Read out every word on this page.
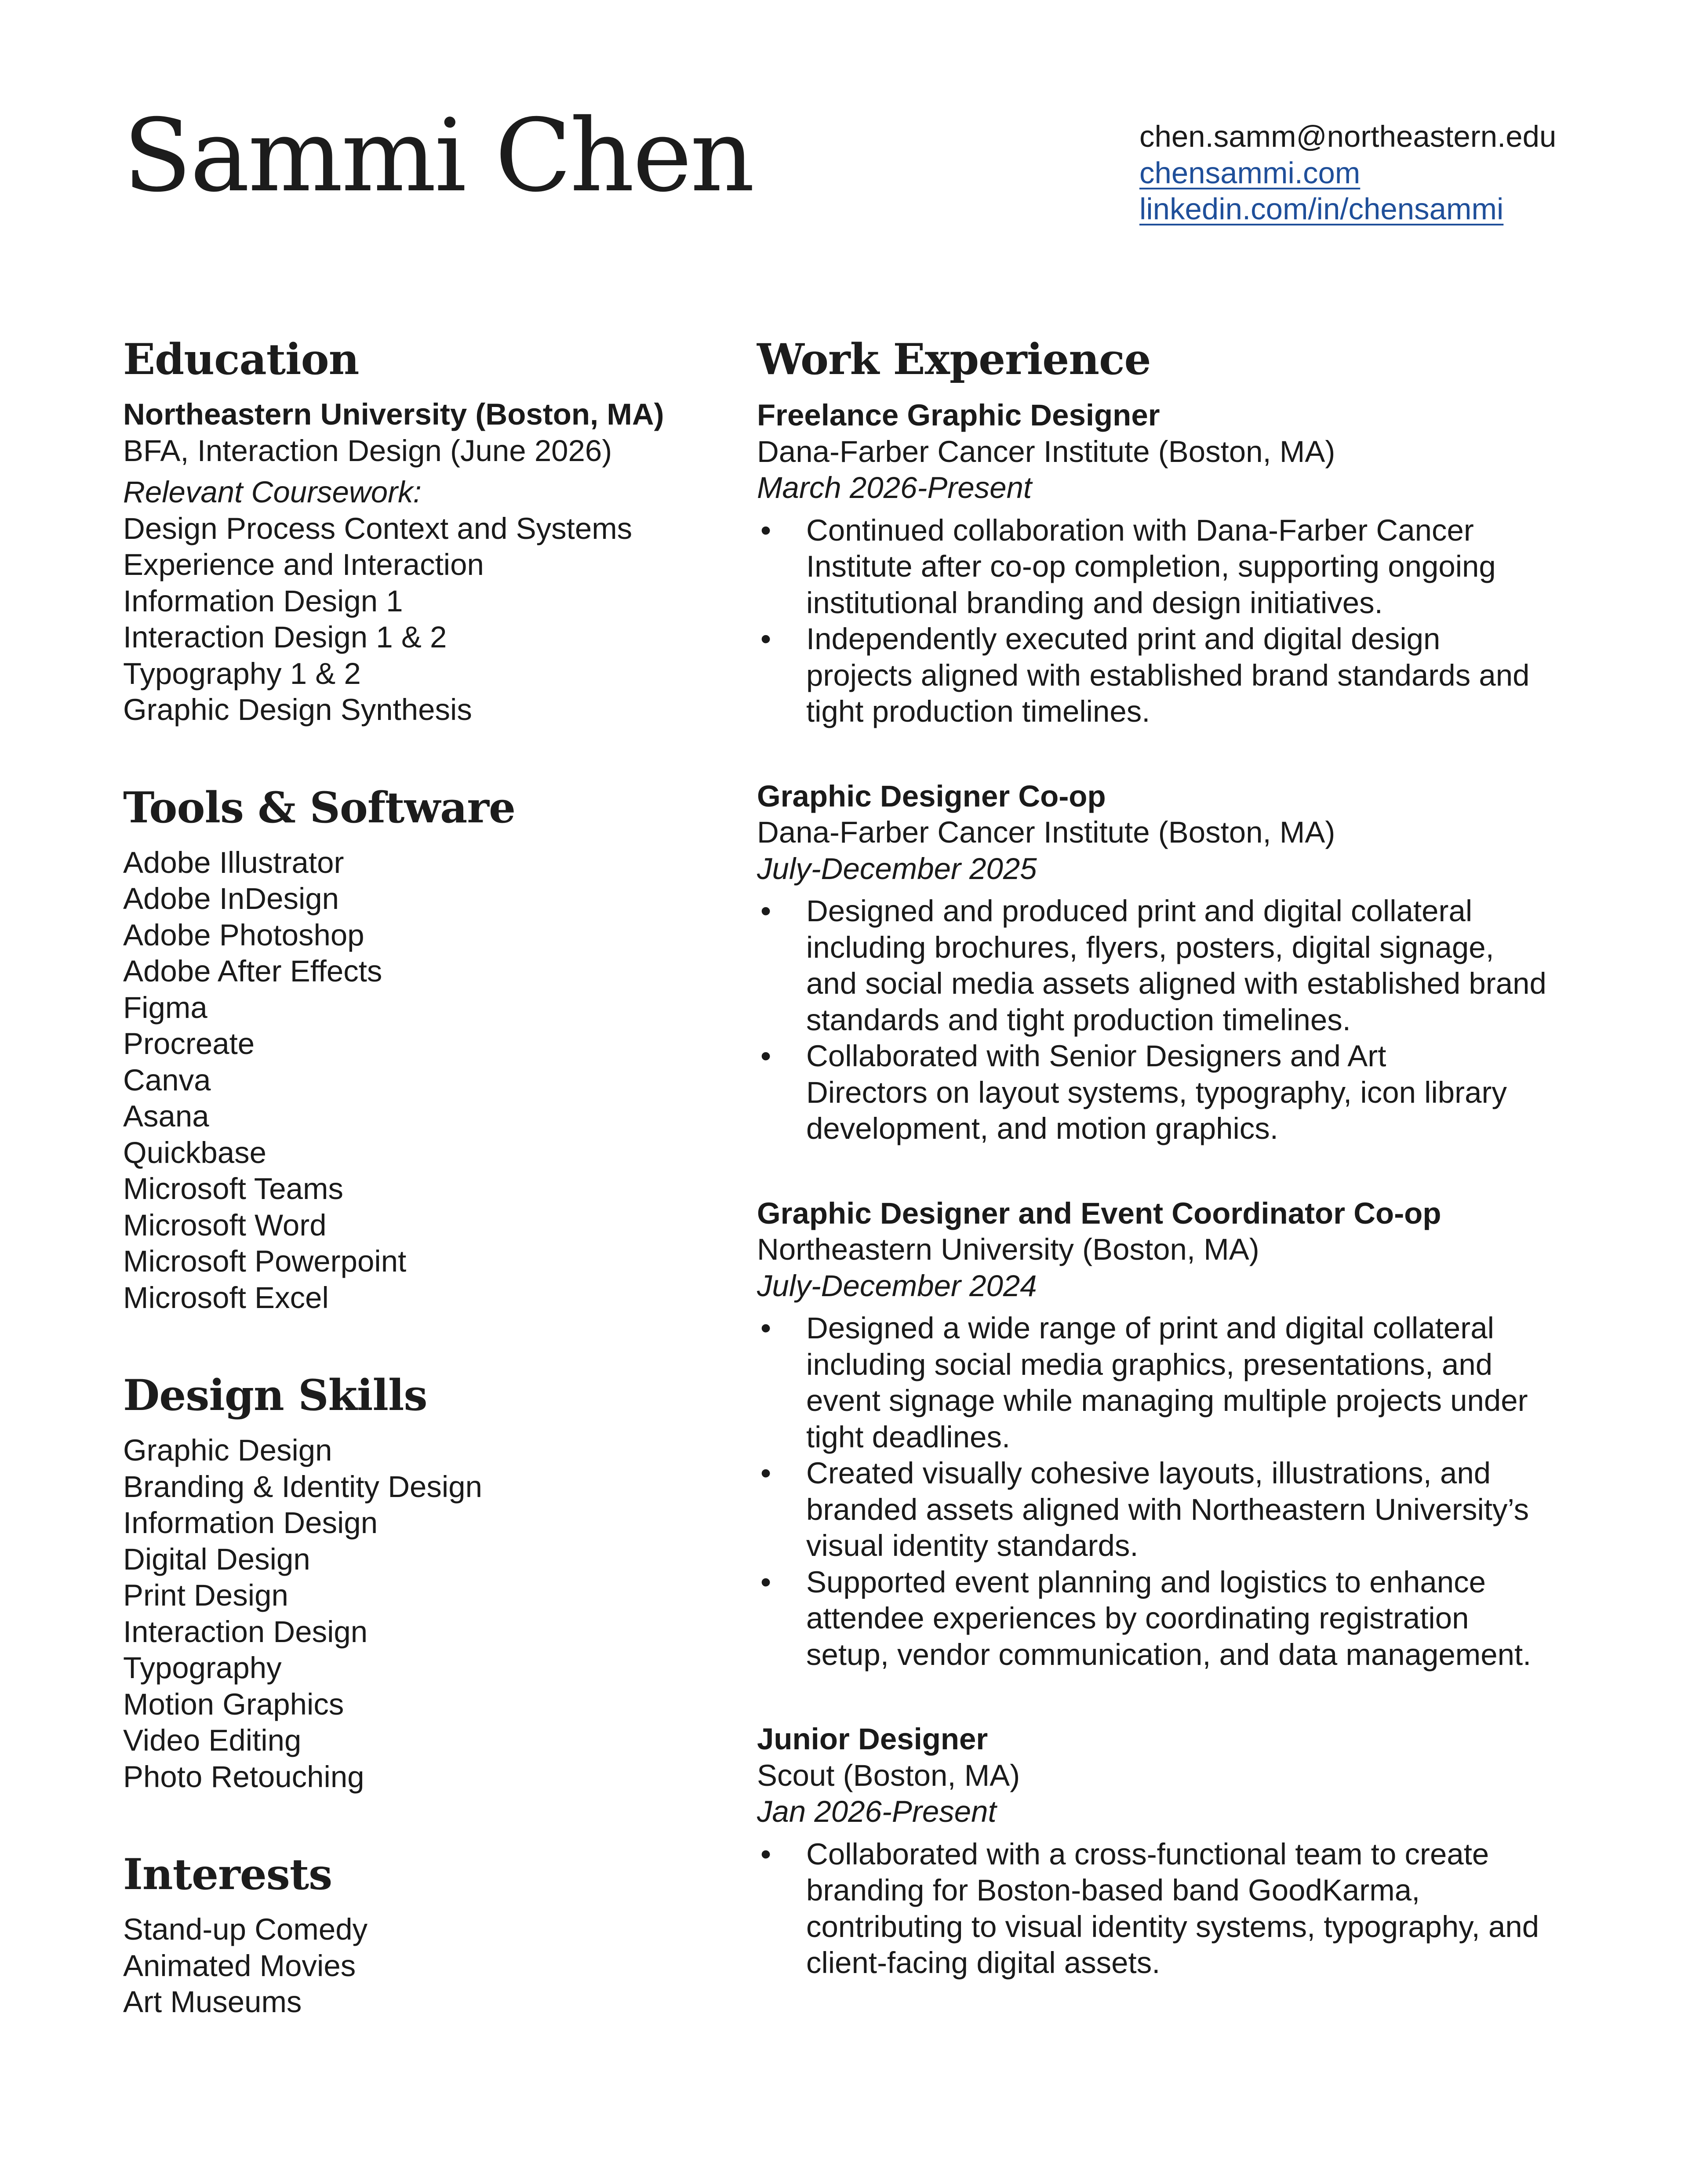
Sammi Chen	chen.samm@northeastern.edu
chensammi.com
linkedin.com/in/chensammi
Education
Northeastern University (Boston, MA)
BFA, Interaction Design (June 2026)
Relevant Coursework:
Design Process Context and Systems
Experience and Interaction
Information Design 1
Interaction Design 1 & 2
Typography 1 & 2
Graphic Design Synthesis
Tools & Software
Adobe Illustrator
Adobe InDesign
Adobe Photoshop
Adobe After Effects
Figma
Procreate
Canva
Asana
Quickbase
Microsoft Teams
Microsoft Word
Microsoft Powerpoint
Microsoft Excel
Design Skills
Graphic Design
Branding & Identity Design
Information Design
Digital Design
Print Design
Interaction Design
Typography
Motion Graphics
Video Editing
Photo Retouching
Interests
Stand-up Comedy
Animated Movies
Art Museums
Work Experience
Freelance Graphic Designer
Dana-Farber Cancer Institute (Boston, MA)
March 2026-Present
• Continued collaboration with Dana-Farber Cancer
Institute after co-op completion, supporting ongoing
institutional branding and design initiatives.
• Independently executed print and digital design
projects aligned with established brand standards and
tight production timelines.
Graphic Designer Co-op
Dana-Farber Cancer Institute (Boston, MA)
July-December 2025
• Designed and produced print and digital collateral
including brochures, flyers, posters, digital signage,
and social media assets aligned with established brand
standards and tight production timelines.
• Collaborated with Senior Designers and Art
Directors on layout systems, typography, icon library
development, and motion graphics.
Graphic Designer and Event Coordinator Co-op
Northeastern University (Boston, MA)
July-December 2024
• Designed a wide range of print and digital collateral
including social media graphics, presentations, and
event signage while managing multiple projects under
tight deadlines.
• Created visually cohesive layouts, illustrations, and
branded assets aligned with Northeastern University’s
visual identity standards.
• Supported event planning and logistics to enhance
attendee experiences by coordinating registration
setup, vendor communication, and data management.
Junior Designer
Scout (Boston, MA)
Jan 2026-Present
• Collaborated with a cross-functional team to create
branding for Boston-based band GoodKarma,
contributing to visual identity systems, typography, and
client-facing digital assets.
